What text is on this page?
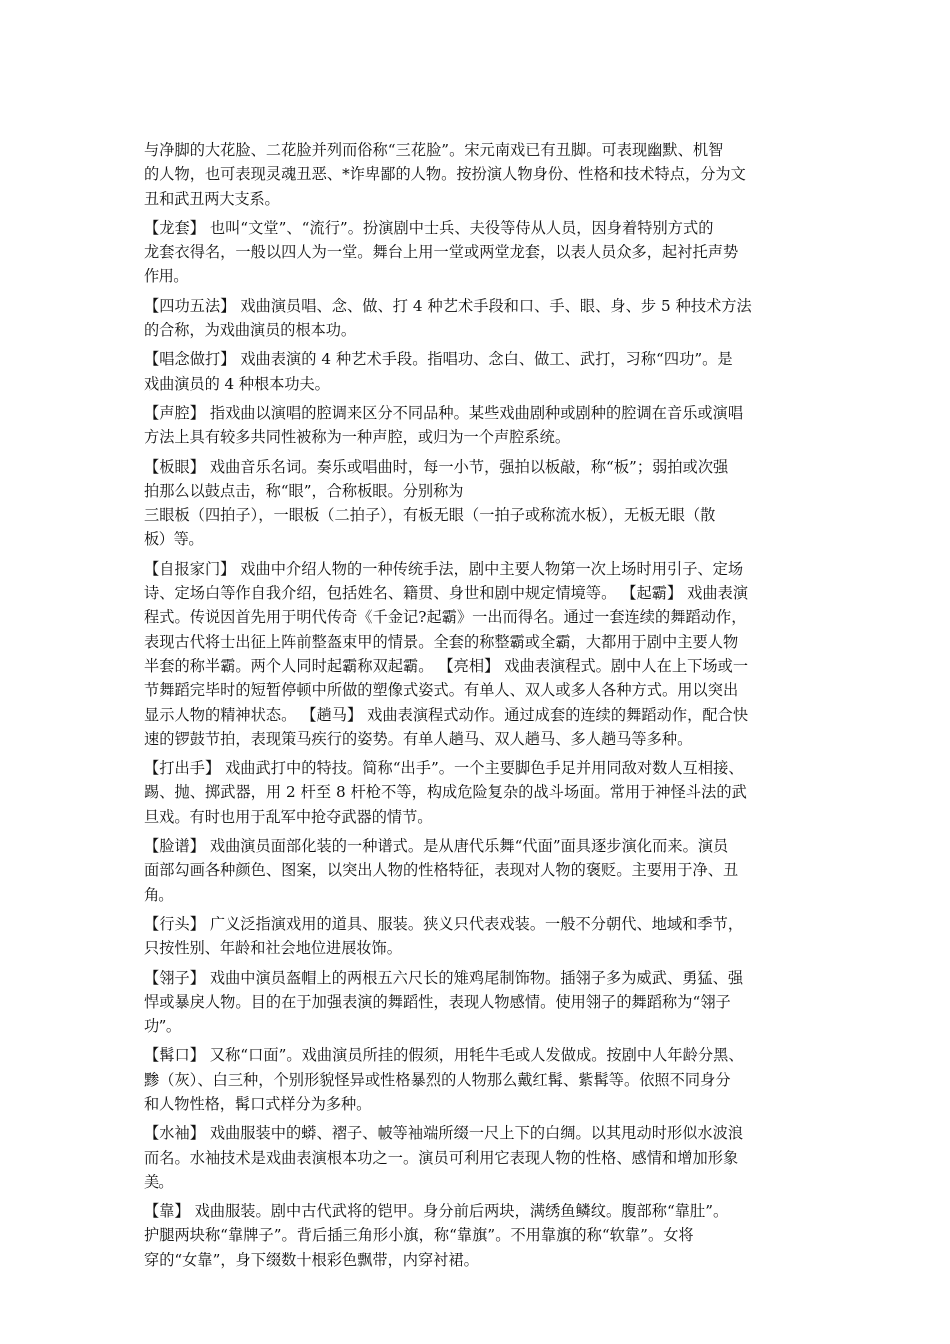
与净脚的大花脸、二花脸并列而俗称“三花脸”。宋元南戏已有丑脚。可表现幽默、机智
的人物，也可表现灵魂丑恶、*诈卑鄙的人物。按扮演人物身份、性格和技术特点，分为文
丑和武丑两大支系。
【龙套】 也叫“文堂”、“流行”。扮演剧中士兵、夫役等侍从人员，因身着特别方式的
龙套衣得名，一般以四人为一堂。舞台上用一堂或两堂龙套，以表人员众多，起衬托声势
作用。
【四功五法】 戏曲演员唱、念、做、打 4 种艺术手段和口、手、眼、身、步 5 种技术方法
的合称，为戏曲演员的根本功。
【唱念做打】 戏曲表演的 4 种艺术手段。指唱功、念白、做工、武打，习称“四功”。是
戏曲演员的 4 种根本功夫。
【声腔】 指戏曲以演唱的腔调来区分不同品种。某些戏曲剧种或剧种的腔调在音乐或演唱
方法上具有较多共同性被称为一种声腔，或归为一个声腔系统。
【板眼】 戏曲音乐名词。奏乐或唱曲时，每一小节，强拍以板敲，称“板”；弱拍或次强
拍那么以鼓点击，称“眼”，合称板眼。分别称为
三眼板（四拍子），一眼板（二拍子），有板无眼（一拍子或称流水板），无板无眼（散
板）等。
【自报家门】 戏曲中介绍人物的一种传统手法，剧中主要人物第一次上场时用引子、定场
诗、定场白等作自我介绍，包括姓名、籍贯、身世和剧中规定情境等。 【起霸】 戏曲表演
程式。传说因首先用于明代传奇《千金记?起霸》一出而得名。通过一套连续的舞蹈动作，
表现古代将士出征上阵前整盔束甲的情景。全套的称整霸或全霸，大都用于剧中主要人物
半套的称半霸。两个人同时起霸称双起霸。 【亮相】 戏曲表演程式。剧中人在上下场或一
节舞蹈完毕时的短暂停顿中所做的塑像式姿式。有单人、双人或多人各种方式。用以突出
显示人物的精神状态。 【趟马】 戏曲表演程式动作。通过成套的连续的舞蹈动作，配合快
速的锣鼓节拍，表现策马疾行的姿势。有单人趟马、双人趟马、多人趟马等多种。
【打出手】 戏曲武打中的特技。简称“出手”。一个主要脚色手足并用同敌对数人互相接、
踢、抛、掷武器，用 2 杆至 8 杆枪不等，构成危险复杂的战斗场面。常用于神怪斗法的武
旦戏。有时也用于乱军中抢夺武器的情节。
【脸谱】 戏曲演员面部化装的一种谱式。是从唐代乐舞“代面”面具逐步演化而来。演员
面部勾画各种颜色、图案，以突出人物的性格特征，表现对人物的褒贬。主要用于净、丑
角。
【行头】 广义泛指演戏用的道具、服装。狭义只代表戏装。一般不分朝代、地域和季节，
只按性别、年龄和社会地位进展妆饰。
【翎子】 戏曲中演员盔帽上的两根五六尺长的雉鸡尾制饰物。插翎子多为威武、勇猛、强
悍或暴戾人物。目的在于加强表演的舞蹈性，表现人物感情。使用翎子的舞蹈称为“翎子
功”。
【髯口】 又称“口面”。戏曲演员所挂的假须，用牦牛毛或人发做成。按剧中人年龄分黑、
黪（灰）、白三种，个别形貌怪异或性格暴烈的人物那么戴红髯、紫髯等。依照不同身分
和人物性格，髯口式样分为多种。
【水袖】 戏曲服装中的蟒、褶子、帔等袖端所缀一尺上下的白绸。以其甩动时形似水波浪
而名。水袖技术是戏曲表演根本功之一。演员可利用它表现人物的性格、感情和增加形象
美。
【靠】 戏曲服装。剧中古代武将的铠甲。身分前后两块，满绣鱼鳞纹。腹部称“靠肚”。
护腿两块称“靠牌子”。背后插三角形小旗，称“靠旗”。不用靠旗的称“软靠”。女将
穿的“女靠”，身下缀数十根彩色飘带，内穿衬裙。
